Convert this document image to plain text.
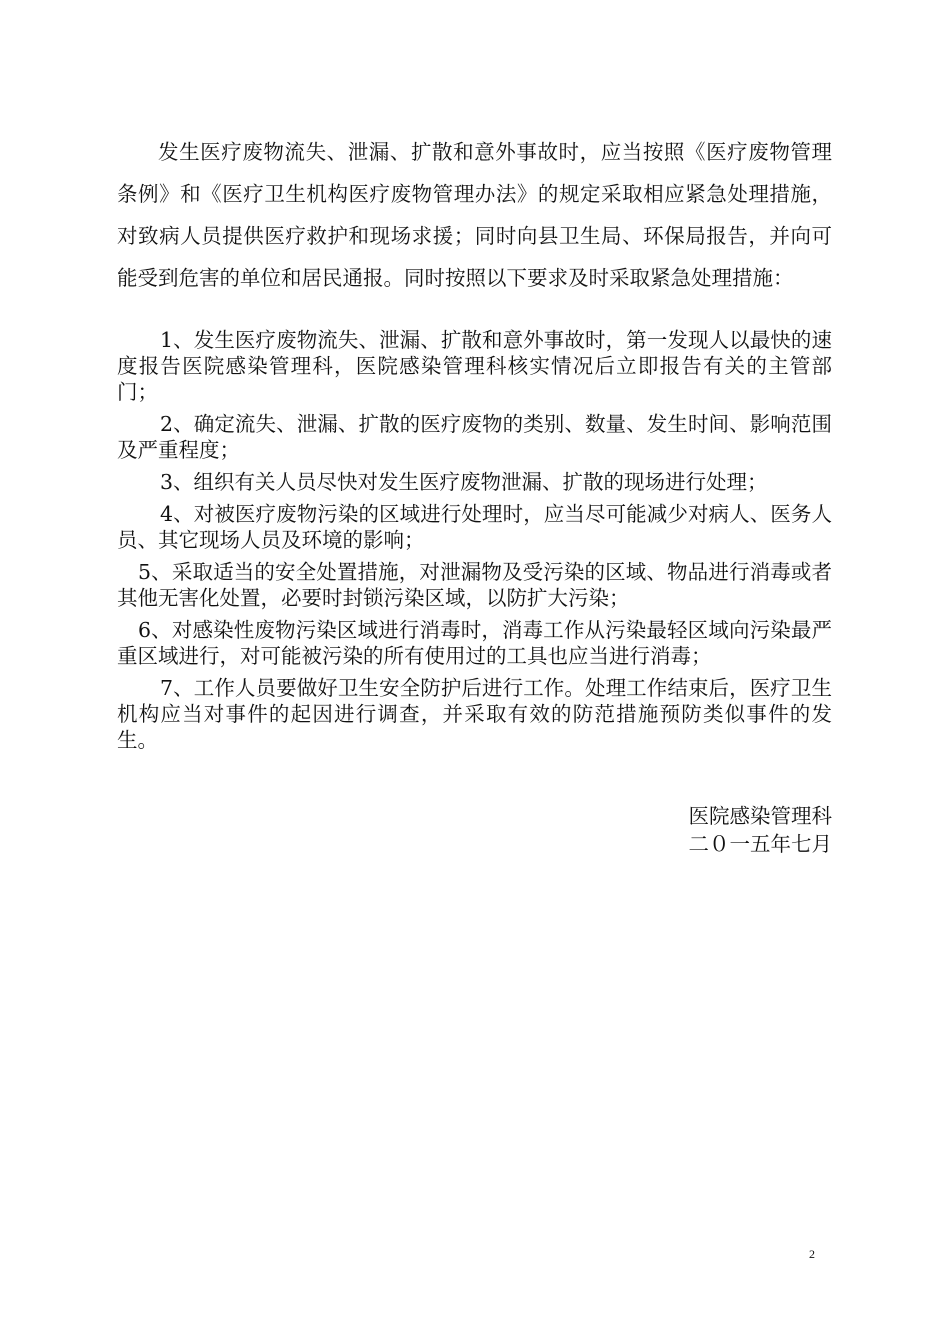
发生医疗废物流失、泄漏、扩散和意外事故时，应当按照《医疗废物管理条例》和《医疗卫生机构医疗废物管理办法》的规定采取相应紧急处理措施，对致病人员提供医疗救护和现场求援；同时向县卫生局、环保局报告，并向可能受到危害的单位和居民通报。同时按照以下要求及时采取紧急处理措施：

1、发生医疗废物流失、泄漏、扩散和意外事故时，第一发现人以最快的速度报告医院感染管理科，医院感染管理科核实情况后立即报告有关的主管部门；

2、确定流失、泄漏、扩散的医疗废物的类别、数量、发生时间、影响范围及严重程度；

3、组织有关人员尽快对发生医疗废物泄漏、扩散的现场进行处理；

4、对被医疗废物污染的区域进行处理时，应当尽可能减少对病人、医务人员、其它现场人员及环境的影响；

5、采取适当的安全处置措施，对泄漏物及受污染的区域、物品进行消毒或者其他无害化处置，必要时封锁污染区域，以防扩大污染；

6、对感染性废物污染区域进行消毒时，消毒工作从污染最轻区域向污染最严重区域进行，对可能被污染的所有使用过的工具也应当进行消毒；

7、工作人员要做好卫生安全防护后进行工作。处理工作结束后，医疗卫生机构应当对事件的起因进行调查，并采取有效的防范措施预防类似事件的发生。

医院感染管理科
二０一五年七月
2
